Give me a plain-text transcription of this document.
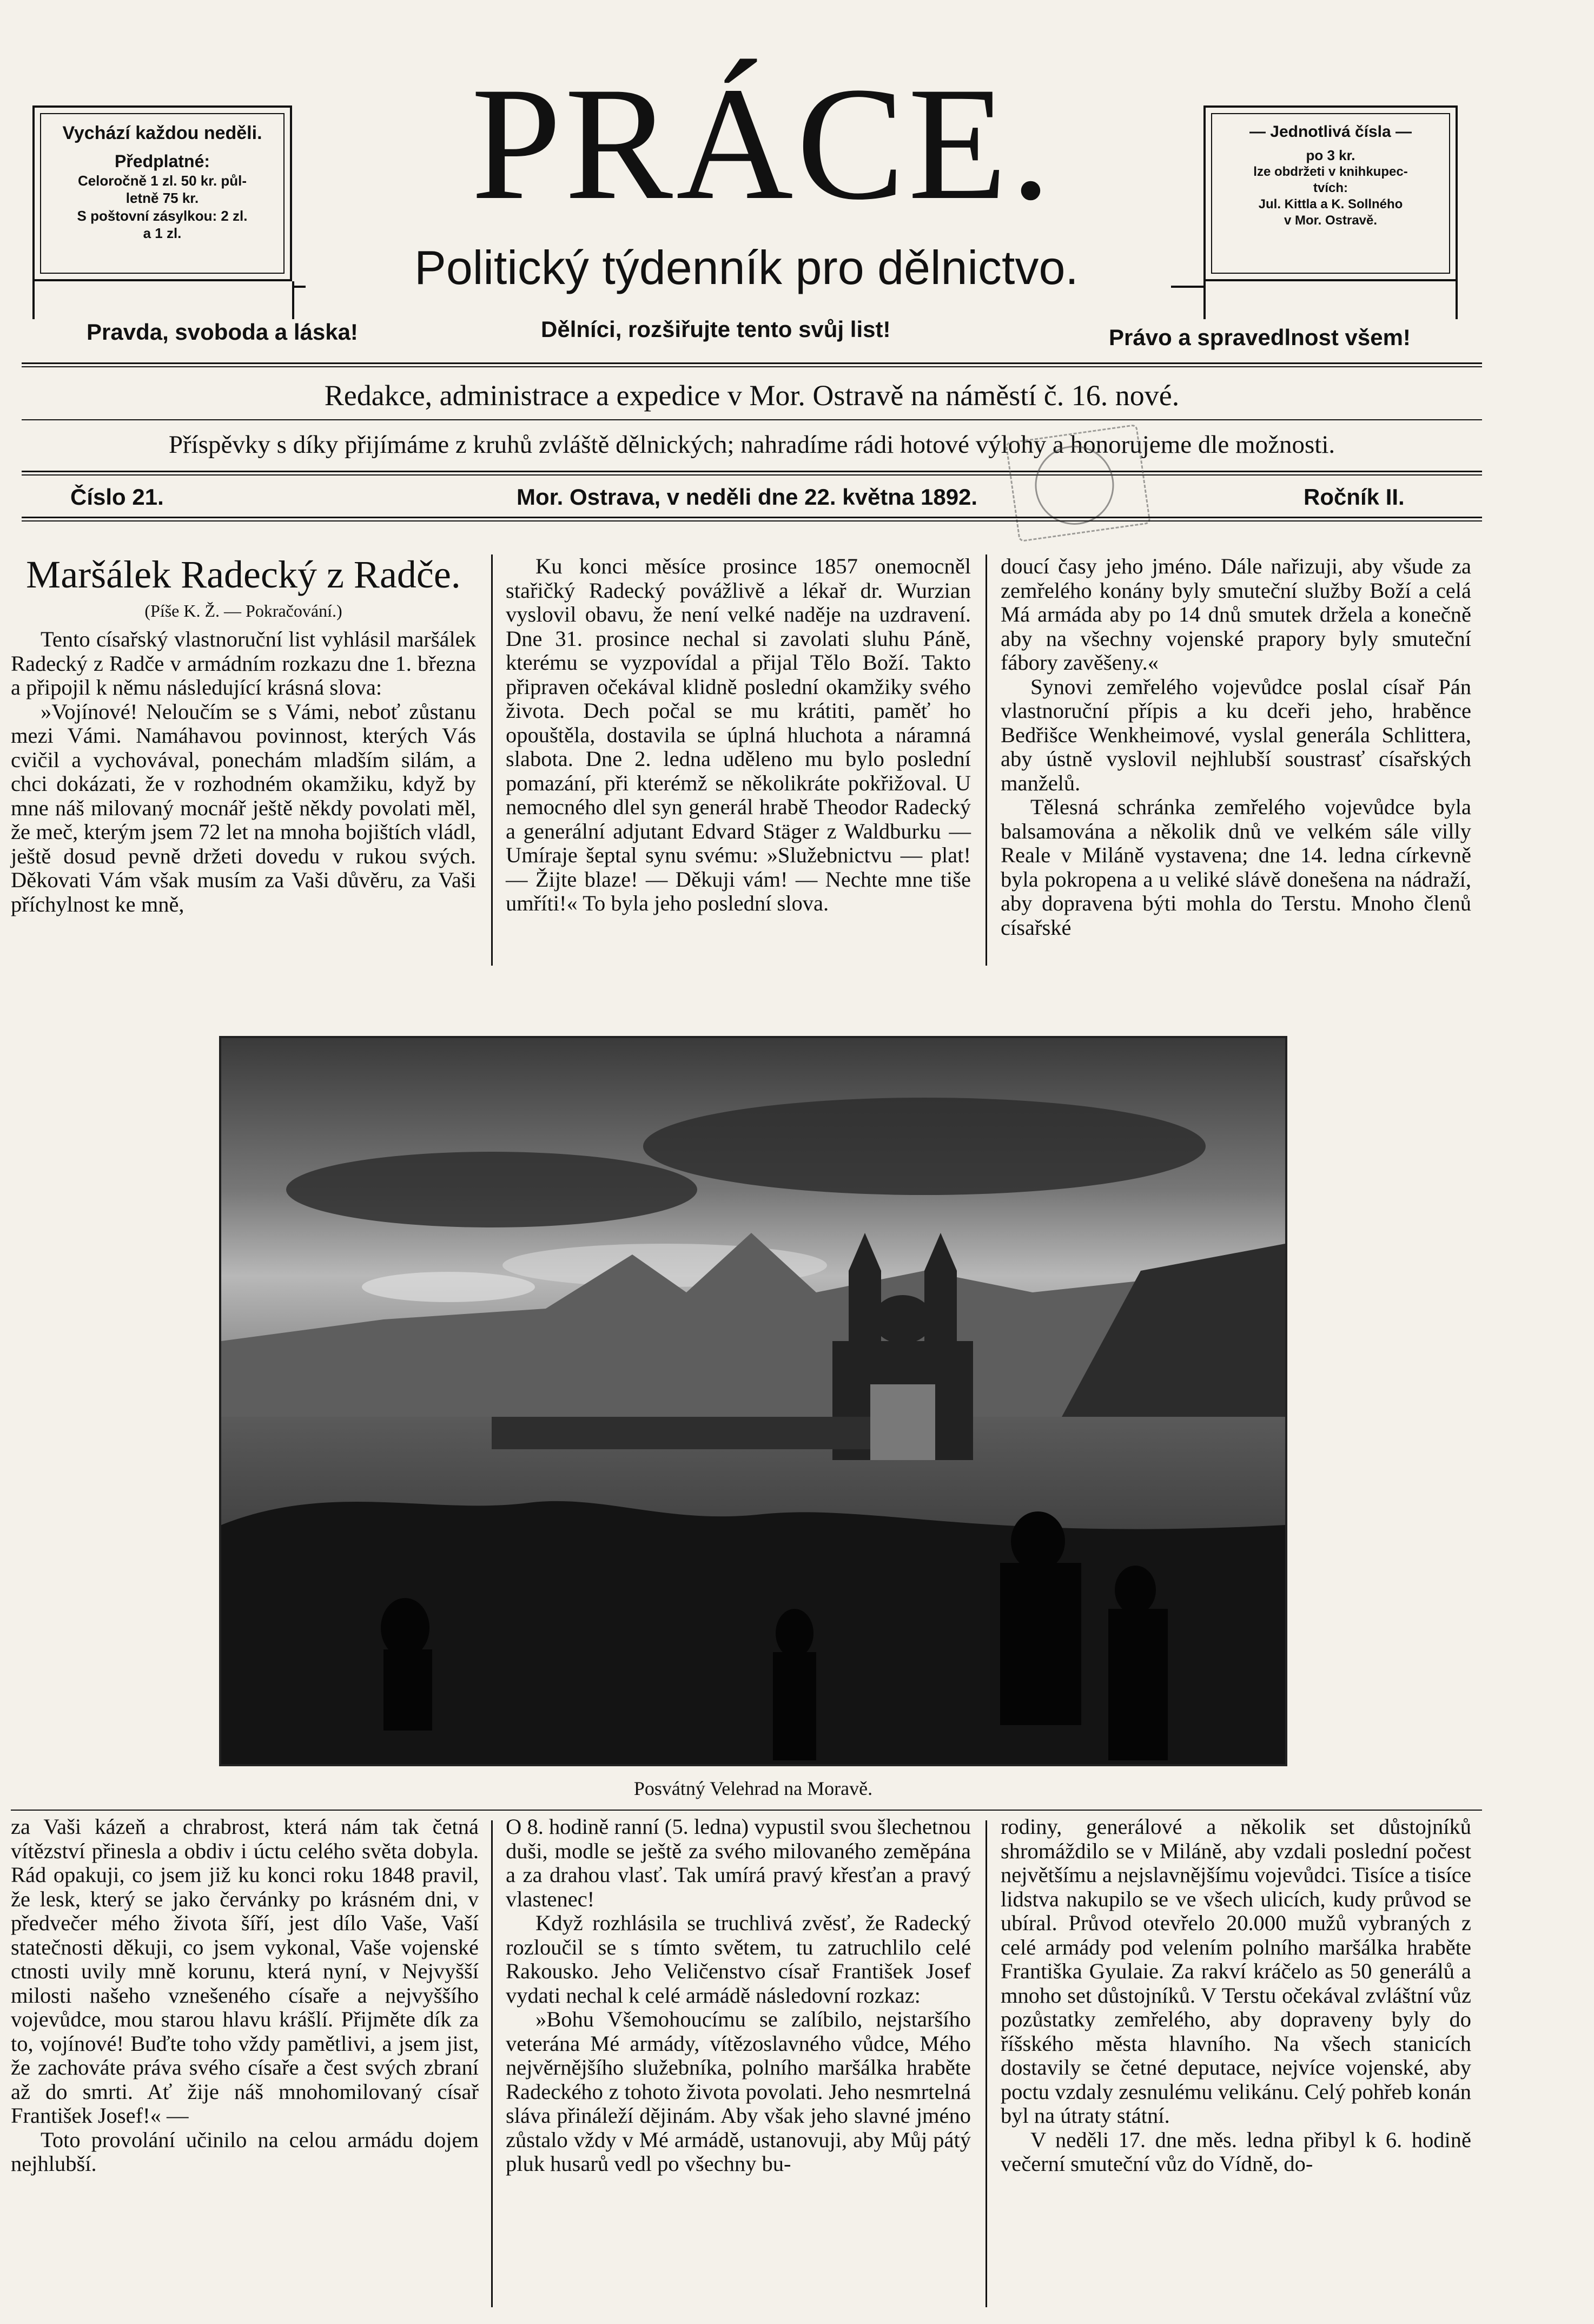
Vychází každou neděli.

Předplatné:

Celoročně 1 zl. 50 kr. půl-

letně 75 kr.

S poštovní zásylkou: 2 zl.

a 1 zl.	PRÁCE.
Politický týdenník pro dělnictvo.

— Jednotlivá čísla —

po 3 kr.

lze obdržeti v knihkupec-

tvích:

Jul. Kittla a K. Sollného

v Mor. Ostravě.

Pravda, svoboda a láska!	Dělníci, rozšiřujte tento svůj list!	Právo a spravedlnost všem!
Redakce, administrace a expedice v Mor. Ostravě na náměstí č. 16. nové.
Příspěvky s díky přijímáme z kruhů zvláště dělnických; nahradíme rádi hotové výlohy a honorujeme dle možnosti.
Číslo 21.	Mor. Ostrava, v neděli dne 22. května 1892.	Ročník II.
Maršálek Radecký z Radče.
(Píše K. Ž. — Pokračování.)

Tento císařský vlastnoruční list vyhlásil maršálek Radecký z Radče v armádním rozkazu dne 1. března a připojil k němu následující krásná slova:

»Vojínové! Neloučím se s Vámi, neboť zůstanu mezi Vámi. Namáhavou povinnost, kterých Vás cvičil a vychovával, ponechám mladším silám, a chci dokázati, že v rozhodném okamžiku, když by mne náš milovaný mocnář ještě někdy povolati měl, že meč, kterým jsem 72 let na mnoha bojištích vládl, ještě dosud pevně držeti dovedu v rukou svých. Děkovati Vám však musím za Vaši důvěru, za Vaši příchylnost ke mně,

Ku konci měsíce prosince 1857 onemocněl stařičký Radecký povážlivě a lékař dr. Wurzian vyslovil obavu, že není velké naděje na uzdravení. Dne 31. prosince nechal si zavolati sluhu Páně, kterému se vyzpovídal a přijal Tělo Boží. Takto připraven očekával klidně poslední okamžiky svého života. Dech počal se mu krátiti, paměť ho opouštěla, dostavila se úplná hluchota a náramná slabota. Dne 2. ledna uděleno mu bylo poslední pomazání, při kterémž se několikráte pokřižoval. U nemocného dlel syn generál hrabě Theodor Radecký a generální adjutant Edvard Stäger z Waldburku — Umíraje šeptal synu svému: »Služebnictvu — plat! — Žijte blaze! — Děkuji vám! — Nechte mne tiše umříti!« To byla jeho poslední slova.

doucí časy jeho jméno. Dále nařizuji, aby všude za zemřelého konány byly smuteční služby Boží a celá Má armáda aby po 14 dnů smutek držela a konečně aby na všechny vojenské prapory byly smuteční fábory zavěšeny.«

Synovi zemřelého vojevůdce poslal císař Pán vlastnoruční přípis a ku dceři jeho, hraběnce Bedřišce Wenkheimové, vyslal generála Schlittera, aby ústně vyslovil nejhlubší soustrasť císařských manželů.

Tělesná schránka zemřelého vojevůdce byla balsamována a několik dnů ve velkém sále villy Reale v Miláně vystavena; dne 14. ledna církevně byla pokropena a u veliké slávě donešena na nádraží, aby dopravena býti mohla do Terstu. Mnoho členů císařské

Posvátný Velehrad na Moravě.

za Vaši kázeň a chrabrost, která nám tak četná vítězství přinesla a obdiv i úctu celého světa dobyla. Rád opakuji, co jsem již ku konci roku 1848 pravil, že lesk, který se jako červánky po krásném dni, v předvečer mého života šíří, jest dílo Vaše, Vaší statečnosti děkuji, co jsem vykonal, Vaše vojenské ctnosti uvily mně korunu, která nyní, v Nejvyšší milosti našeho vznešeného císaře a nejvyššího vojevůdce, mou starou hlavu krášlí. Přijměte dík za to, vojínové! Buďte toho vždy pamětlivi, a jsem jist, že zachováte práva svého císaře a čest svých zbraní až do smrti. Ať žije náš mnohomilovaný císař František Josef!« —

Toto provolání učinilo na celou armádu dojem nejhlubší.

O 8. hodině ranní (5. ledna) vypustil svou šlechetnou duši, modle se ještě za svého milovaného zeměpána a za drahou vlasť. Tak umírá pravý křesťan a pravý vlastenec!

Když rozhlásila se truchlivá zvěsť, že Radecký rozloučil se s tímto světem, tu zatruchlilo celé Rakousko. Jeho Veličenstvo císař František Josef vydati nechal k celé armádě následovní rozkaz:

»Bohu Všemohoucímu se zalíbilo, nejstaršího veterána Mé armády, vítězoslavného vůdce, Mého nejvěrnějšího služebníka, polního maršálka hraběte Radeckého z tohoto života povolati. Jeho nesmrtelná sláva přináleží dějinám. Aby však jeho slavné jméno zůstalo vždy v Mé armádě, ustanovuji, aby Můj pátý pluk husarů vedl po všechny bu-

rodiny, generálové a několik set důstojníků shromáždilo se v Miláně, aby vzdali poslední počest největšímu a nejslavnějšímu vojevůdci. Tisíce a tisíce lidstva nakupilo se ve všech ulicích, kudy průvod se ubíral. Průvod otevřelo 20.000 mužů vybraných z celé armády pod velením polního maršálka hraběte Františka Gyulaie. Za rakví kráčelo as 50 generálů a mnoho set důstojníků. V Terstu očekával zvláštní vůz pozůstatky zemřelého, aby dopraveny byly do říšského města hlavního. Na všech stanicích dostavily se četné deputace, nejvíce vojenské, aby poctu vzdaly zesnulému velikánu. Celý pohřeb konán byl na útraty státní.

V neděli 17. dne měs. ledna přibyl k 6. hodině večerní smuteční vůz do Vídně, do-
